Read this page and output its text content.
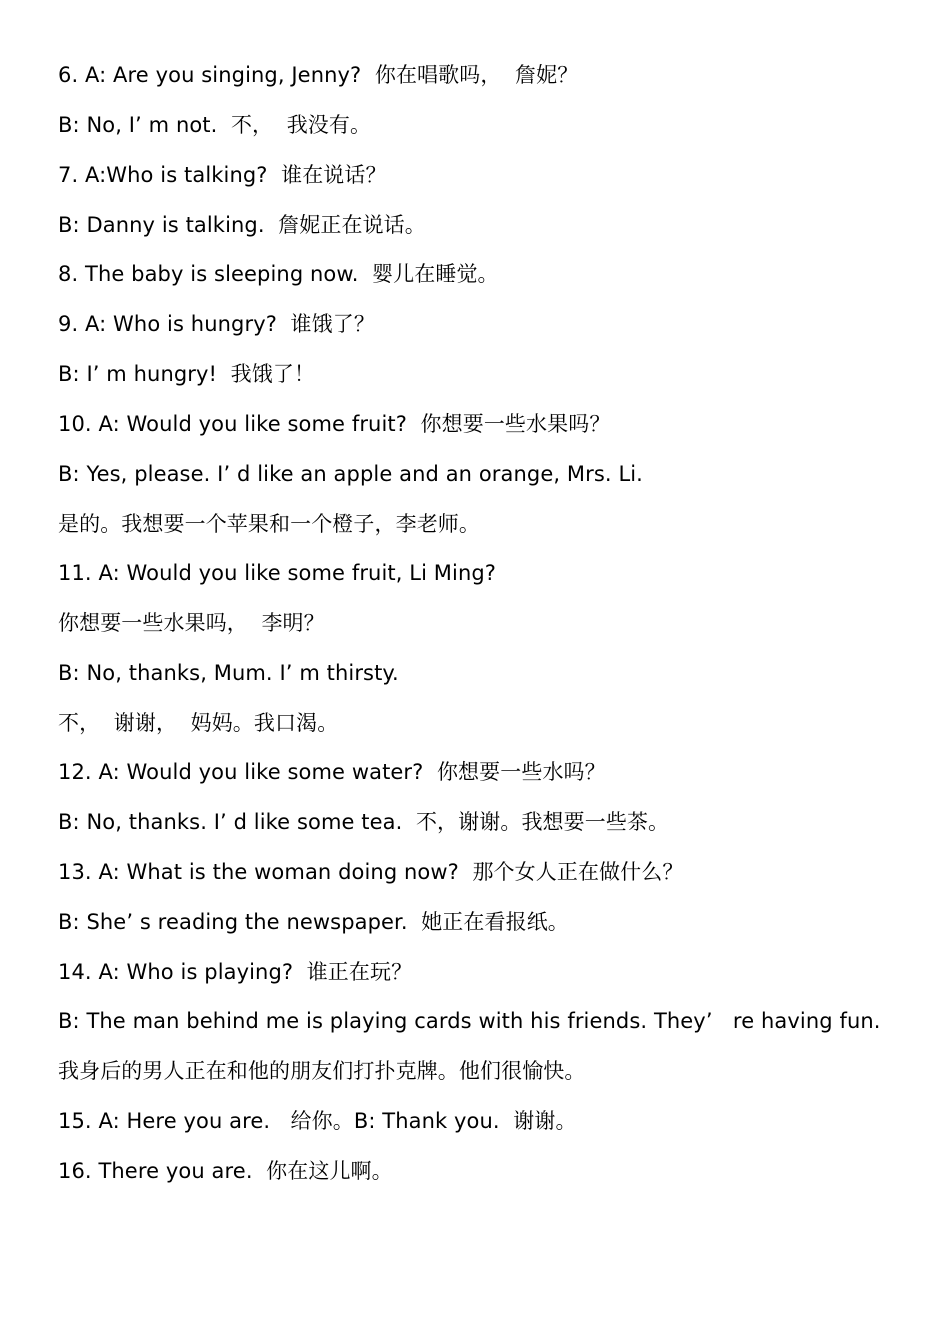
6. A: Are you singing, Jenny?  你在唱歌吗，  詹妮？
B: No, I’ m not.  不，  我没有。
7. A:Who is talking?  谁在说话？
B: Danny is talking.  詹妮正在说话。
8. The baby is sleeping now.  婴儿在睡觉。
9. A: Who is hungry?  谁饿了？
B: I’ m hungry!  我饿了！
10. A: Would you like some fruit?  你想要一些水果吗？
B: Yes, please. I’ d like an apple and an orange, Mrs. Li.
是的。我想要一个苹果和一个橙子，李老师。
11. A: Would you like some fruit, Li Ming?
你想要一些水果吗，  李明？
B: No, thanks, Mum. I’ m thirsty.
不，  谢谢，  妈妈。我口渴。
12. A: Would you like some water?  你想要一些水吗？
B: No, thanks. I’ d like some tea.  不，谢谢。我想要一些茶。
13. A: What is the woman doing now?  那个女人正在做什么？
B: She’ s reading the newspaper.  她正在看报纸。
14. A: Who is playing?  谁正在玩？
B: The man behind me is playing cards with his friends. They’   re having fun.
我身后的男人正在和他的朋友们打扑克牌。他们很愉快。
15. A: Here you are.   给你。B: Thank you.  谢谢。
16. There you are.  你在这儿啊。
